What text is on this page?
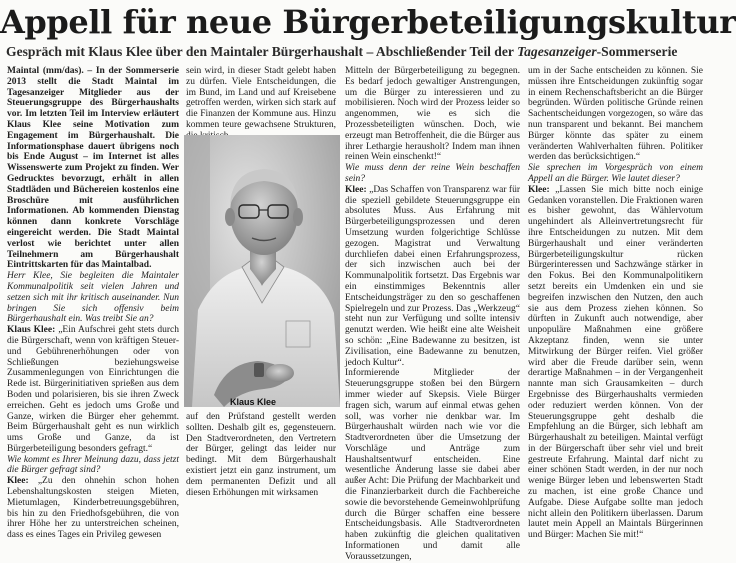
Appell für neue Bürgerbeteiligungskultur
Gespräch mit Klaus Klee über den Maintaler Bürgerhaushalt – Abschließender Teil der Tagesanzeiger-Sommerserie

Maintal (mm/das). – In der Sommerserie 2013 stellt die Stadt Maintal im Tagesanzeiger Mitglieder aus der Steuerungsgruppe des Bürgerhaushalts vor. Im letzten Teil im Interview erläutert Klaus Klee seine Motivation zum Engagement im Bürgerhaushalt. Die Informationsphase dauert übrigens noch bis Ende August – im Internet ist alles Wissenswerte zum Projekt zu finden. Wer Gedrucktes bevorzugt, erhält in allen Stadtläden und Büchereien kostenlos eine Broschüre mit ausführlichen Informationen. Ab kommenden Dienstag können dann konkrete Vorschläge eingereicht werden. Die Stadt Maintal verlost wie berichtet unter allen Teilnehmern am Bürgerhaushalt Eintrittskarten für das Maintalbad.

Herr Klee, Sie begleiten die Maintaler Kommunalpolitik seit vielen Jahren und setzen sich mit ihr kritisch auseinander. Nun bringen Sie sich offensiv beim Bürgerhaushalt ein. Was treibt Sie an?

Klaus Klee: „Ein Aufschrei geht stets durch die Bürgerschaft, wenn von kräftigen Steuer- und Gebührenerhöhungen oder von Schließungen beziehungsweise Zusammenlegungen von Einrichtungen die Rede ist. Bürgerinitiativen sprießen aus dem Boden und polarisieren, bis sie ihren Zweck erreichen. Geht es jedoch ums Große und Ganze, wirken die Bürger eher gehemmt. Beim Bürgerhaushalt geht es nun wirklich ums Große und Ganze, da ist Bürgerbeteiligung besonders gefragt.“

Wie kommt es Ihrer Meinung dazu, dass jetzt die Bürger gefragt sind?

Klee: „Zu den ohnehin schon hohen Lebenshaltungskosten steigen Mieten, Mietumlagen, Kinderbetreuungsgebühren, bis hin zu den Friedhofsgebühren, die von ihrer Höhe her zu unterstreichen scheinen, dass es eines Tages ein Privileg gewesen

sein wird, in dieser Stadt gelebt haben zu dürfen. Viele Entscheidungen, die im Bund, im Land und auf Kreisebene getroffen werden, wirken sich stark auf die Finanzen der Kommune aus. Hinzu kommen teure gewachsene Strukturen,

Klaus Klee

auf den Prüfstand gestellt werden sollten. Deshalb gilt es, gegensteuern. Den Stadtverordneten, den Vertretern der Bürger, gelingt das leider nur bedingt. Mit dem Bürgerhaushalt existiert jetzt ein ganz instrument, um dem permanenten Defizit und all diesen Erhöhungen mit wirksamen

Mitteln der Bürgerbeteiligung zu begegnen. Es bedarf jedoch gewaltiger Anstrengungen, um die Bürger zu interessieren und zu mobilisieren. Noch wird der Prozess leider so angenommen, wie es sich die Prozessbeteiligten wünschen. Doch, wie erzeugt man Betroffenheit, die die Bürger aus ihrer Lethargie herausholt? Indem man ihnen reinen Wein einschenkt!“

Wie muss denn der reine Wein beschaffen sein?

Klee: „Das Schaffen von Transparenz war für die speziell gebildete Steuerungsgruppe ein absolutes Muss. Aus Erfahrung mit Bürgerbeteiligungsprozessen und deren Umsetzung wurden folgerichtige Schlüsse gezogen. Magistrat und Verwaltung durchliefen dabei einen Erfahrungsprozess, der sich inzwischen auch bei der Kommunalpolitik fortsetzt. Das Ergebnis war ein einstimmiges Bekenntnis aller Entscheidungsträger zu den so geschaffenen Spielregeln und zur Prozess. Das „Werkzeug“ steht nun zur Verfügung und sollte intensiv genutzt werden. Wie heißt eine alte Weisheit so schön: „Eine Badewanne zu besitzen, ist Zivilisation, eine Badewanne zu benutzen, jedoch Kultur“.

Informierende Mitglieder der Steuerungsgruppe stoßen bei den Bürgern immer wieder auf Skepsis. Viele Bürger fragen sich, warum auf einmal etwas gehen soll, was vorher nie denkbar war. Im Bürgerhaushalt würden nach wie vor die Stadtverordneten über die Umsetzung der Vorschläge und Anträge zum Haushaltsentwurf entscheiden. Eine wesentliche Änderung lasse sie dabei aber außer Acht: Die Prüfung der Machbarkeit und die Finanzierbarkeit durch die Fachbereiche sowie die bevorstehende Gemeinwohlprüfung durch die Bürger schaffen eine bessere Entscheidungsbasis. Alle Stadtverordneten haben zukünftig die gleichen qualitativen Informationen und damit alle Voraussetzungen,

um in der Sache entscheiden zu können. Sie müssen ihre Entscheidungen zukünftig sogar in einem Rechenschaftsbericht an die Bürger begründen. Würden politische Gründe reinen Sachentscheidungen vorgezogen, so wäre das nun transparent und bekannt. Bei manchem Bürger könnte das später zu einem veränderten Wahlverhalten führen. Politiker werden das berücksichtigen.“

Sie sprechen im Vorgespräch von einem Appell an die Bürger. Wie lautet dieser?

Klee: „Lassen Sie mich bitte noch einige Gedanken voranstellen. Die Fraktionen waren es bisher gewohnt, das Wählervotum ungehindert als Alleinvertretungsrecht für ihre Entscheidungen zu nutzen. Mit dem Bürgerhaushalt und einer veränderten Bürgerbeteiligungskultur rücken Bürgerinteressen und Sachzwänge stärker in den Fokus. Bei den Kommunalpolitikern setzt bereits ein Umdenken ein und sie begreifen inzwischen den Nutzen, den auch sie aus dem Prozess ziehen können. So dürften in Zukunft auch notwendige, aber unpopuläre Maßnahmen eine größere Akzeptanz finden, wenn sie unter Mitwirkung der Bürger reifen. Viel größer wird aber die Freude darüber sein, wenn derartige Maßnahmen – in der Vergangenheit nannte man sich Grausamkeiten – durch Ergebnisse des Bürgerhaushalts vermieden oder reduziert werden können. Von der Steuerungsgruppe geht deshalb die Empfehlung an die Bürger, sich lebhaft am Bürgerhaushalt zu beteiligen. Maintal verfügt in der Bürgerschaft über sehr viel und breit gestreute Erfahrung. Maintal darf nicht zu einer schönen Stadt werden, in der nur noch wenige Bürger leben und lebenswerten Stadt zu machen, ist eine große Chance und Aufgabe. Diese Aufgabe sollte man jedoch nicht allein den Politikern überlassen. Darum lautet mein Appell an Maintals Bürgerinnen und Bürger: Machen Sie mit!“
